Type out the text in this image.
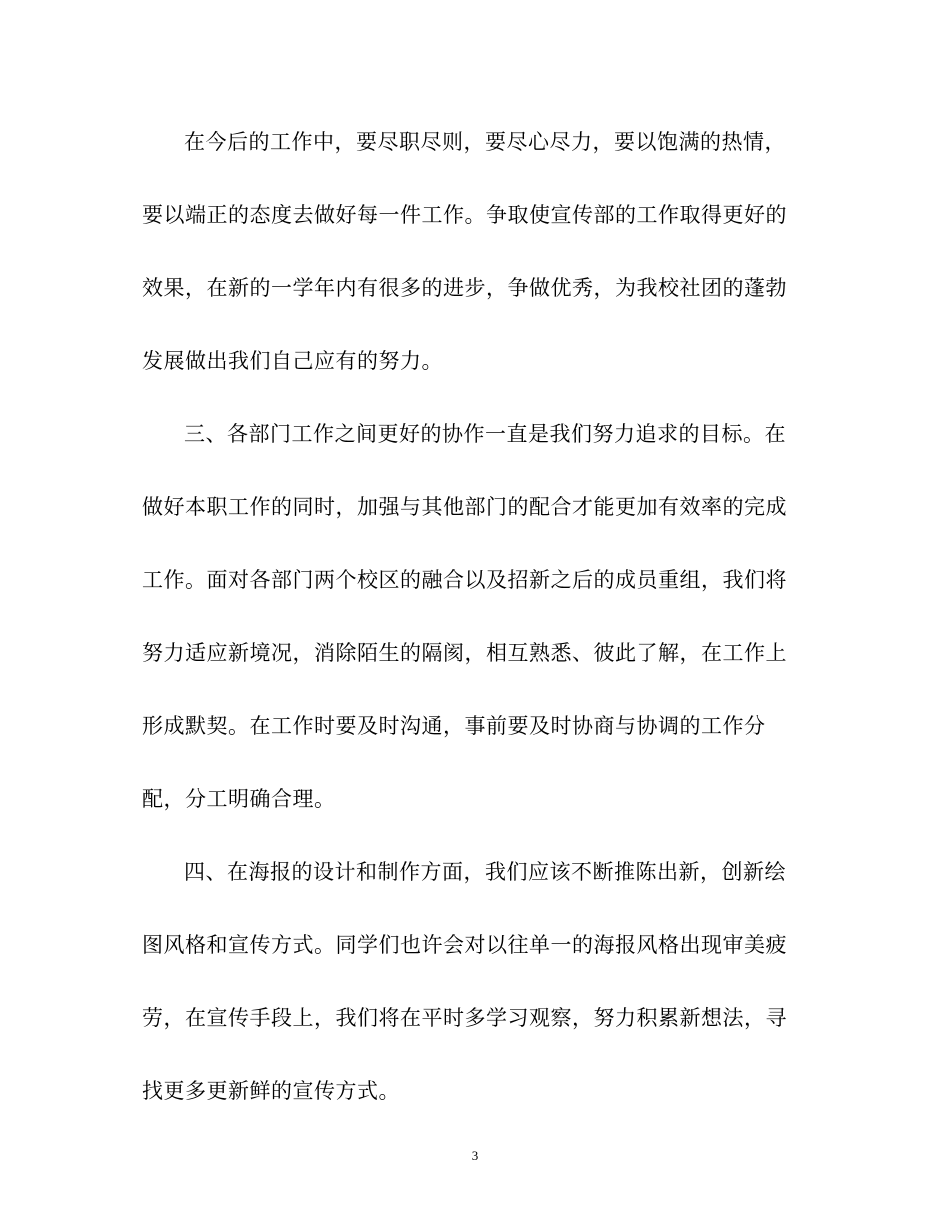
在今后的工作中，要尽职尽则，要尽心尽力，要以饱满的热情，
要以端正的态度去做好每一件工作。争取使宣传部的工作取得更好的
效果，在新的一学年内有很多的进步，争做优秀，为我校社团的蓬勃
发展做出我们自己应有的努力。
三、各部门工作之间更好的协作一直是我们努力追求的目标。在
做好本职工作的同时，加强与其他部门的配合才能更加有效率的完成
工作。面对各部门两个校区的融合以及招新之后的成员重组，我们将
努力适应新境况，消除陌生的隔阂，相互熟悉、彼此了解，在工作上
形成默契。在工作时要及时沟通，事前要及时协商与协调的工作分
配，分工明确合理。
四、在海报的设计和制作方面，我们应该不断推陈出新，创新绘
图风格和宣传方式。同学们也许会对以往单一的海报风格出现审美疲
劳，在宣传手段上，我们将在平时多学习观察，努力积累新想法，寻
找更多更新鲜的宣传方式。
3
